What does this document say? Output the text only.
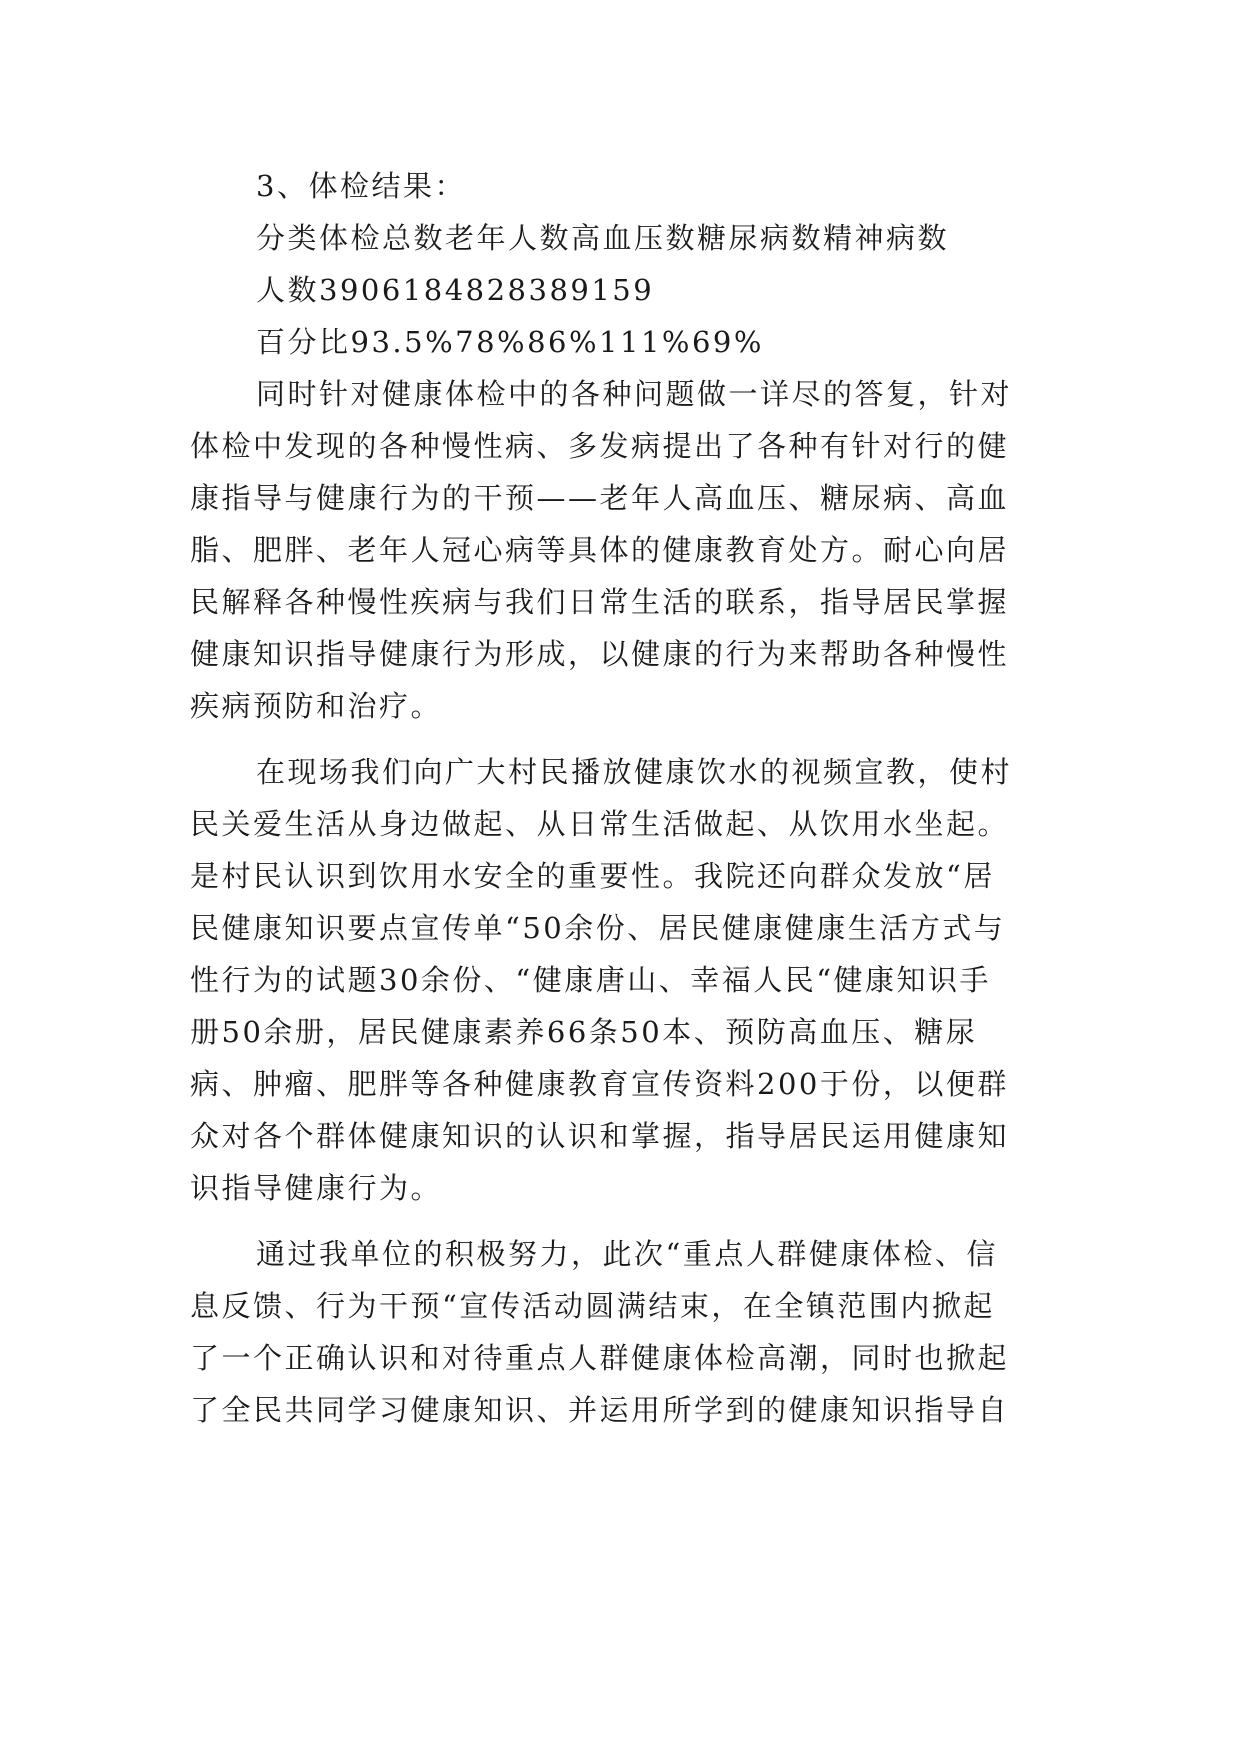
3、体检结果：

分类体检总数老年人数高血压数糖尿病数精神病数

人数3906184828389159

百分比93.5%78%86%111%69%

同时针对健康体检中的各种问题做一详尽的答复，针对

体检中发现的各种慢性病、多发病提出了各种有针对行的健

康指导与健康行为的干预——老年人高血压、糖尿病、高血

脂、肥胖、老年人冠心病等具体的健康教育处方。耐心向居

民解释各种慢性疾病与我们日常生活的联系，指导居民掌握

健康知识指导健康行为形成，以健康的行为来帮助各种慢性

疾病预防和治疗。

在现场我们向广大村民播放健康饮水的视频宣教，使村

民关爱生活从身边做起、从日常生活做起、从饮用水坐起。

是村民认识到饮用水安全的重要性。我院还向群众发放“居

民健康知识要点宣传单“50余份、居民健康健康生活方式与

性行为的试题30余份、“健康唐山、幸福人民“健康知识手

册50余册，居民健康素养66条50本、预防高血压、糖尿

病、肿瘤、肥胖等各种健康教育宣传资料200于份，以便群

众对各个群体健康知识的认识和掌握，指导居民运用健康知

识指导健康行为。

通过我单位的积极努力，此次“重点人群健康体检、信

息反馈、行为干预“宣传活动圆满结束，在全镇范围内掀起

了一个正确认识和对待重点人群健康体检高潮，同时也掀起

了全民共同学习健康知识、并运用所学到的健康知识指导自
